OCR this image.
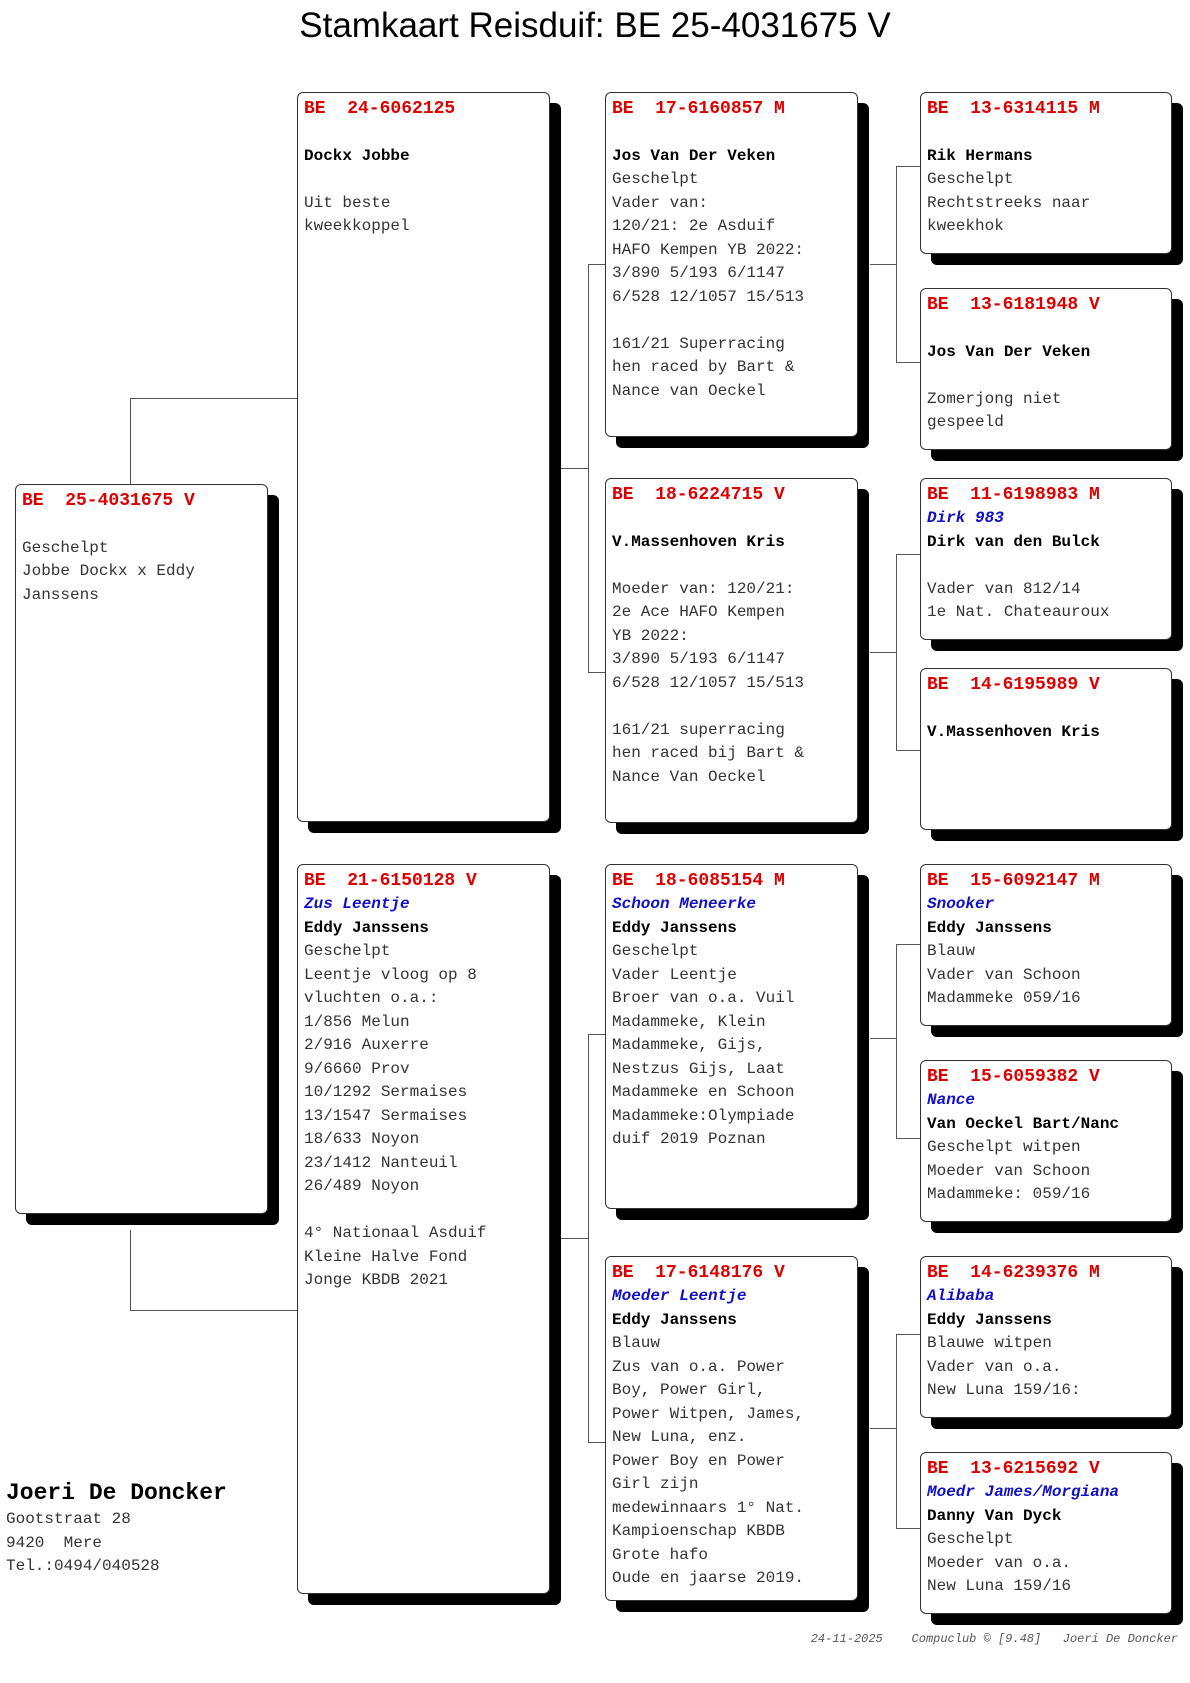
Stamkaart Reisduif: BE 25-4031675 V
BE  25-4031675 V

Geschelpt
Jobbe Dockx x Eddy
Janssens
BE  24-6062125
Dockx Jobbe

Uit beste
kweekkoppel
BE  21-6150128 V
Zus Leentje
Eddy Janssens
Geschelpt
Leentje vloog op 8
vluchten o.a.:
1/856 Melun
2/916 Auxerre
9/6660 Prov
10/1292 Sermaises
13/1547 Sermaises
18/633 Noyon
23/1412 Nanteuil
26/489 Noyon

4° Nationaal Asduif
Kleine Halve Fond
Jonge KBDB 2021
BE  17-6160857 M
Jos Van Der Veken
Geschelpt
Vader van:
120/21: 2e Asduif
HAFO Kempen YB 2022:
3/890 5/193 6/1147
6/528 12/1057 15/513

161/21 Superracing
hen raced by Bart &
Nance van Oeckel
BE  18-6224715 V
V.Massenhoven Kris

Moeder van: 120/21:
2e Ace HAFO Kempen
YB 2022:
3/890 5/193 6/1147
6/528 12/1057 15/513

161/21 superracing
hen raced bij Bart &
Nance Van Oeckel
BE  18-6085154 M
Schoon Meneerke
Eddy Janssens
Geschelpt
Vader Leentje
Broer van o.a. Vuil
Madammeke, Klein
Madammeke, Gijs,
Nestzus Gijs, Laat
Madammeke en Schoon
Madammeke:Olympiade
duif 2019 Poznan
BE  17-6148176 V
Moeder Leentje
Eddy Janssens
Blauw
Zus van o.a. Power
Boy, Power Girl,
Power Witpen, James,
New Luna, enz.
Power Boy en Power
Girl zijn
medewinnaars 1° Nat.
Kampioenschap KBDB
Grote hafo
Oude en jaarse 2019.
BE  13-6314115 M
Rik Hermans
Geschelpt
Rechtstreeks naar
kweekhok
BE  13-6181948 V
Jos Van Der Veken

Zomerjong niet
gespeeld
BE  11-6198983 M
Dirk 983
Dirk van den Bulck

Vader van 812/14
1e Nat. Chateauroux
BE  14-6195989 V
V.Massenhoven Kris
BE  15-6092147 M
Snooker
Eddy Janssens
Blauw
Vader van Schoon
Madammeke 059/16
BE  15-6059382 V
Nance
Van Oeckel Bart/Nanc
Geschelpt witpen
Moeder van Schoon
Madammeke: 059/16
BE  14-6239376 M
Alibaba
Eddy Janssens
Blauwe witpen
Vader van o.a.
New Luna 159/16:
BE  13-6215692 V
Moedr James/Morgiana
Danny Van Dyck
Geschelpt
Moeder van o.a.
New Luna 159/16
Joeri De Doncker
Gootstraat 28
9420  Mere
Tel.:0494/040528
24-11-2025    Compuclub © [9.48]   Joeri De Doncker
